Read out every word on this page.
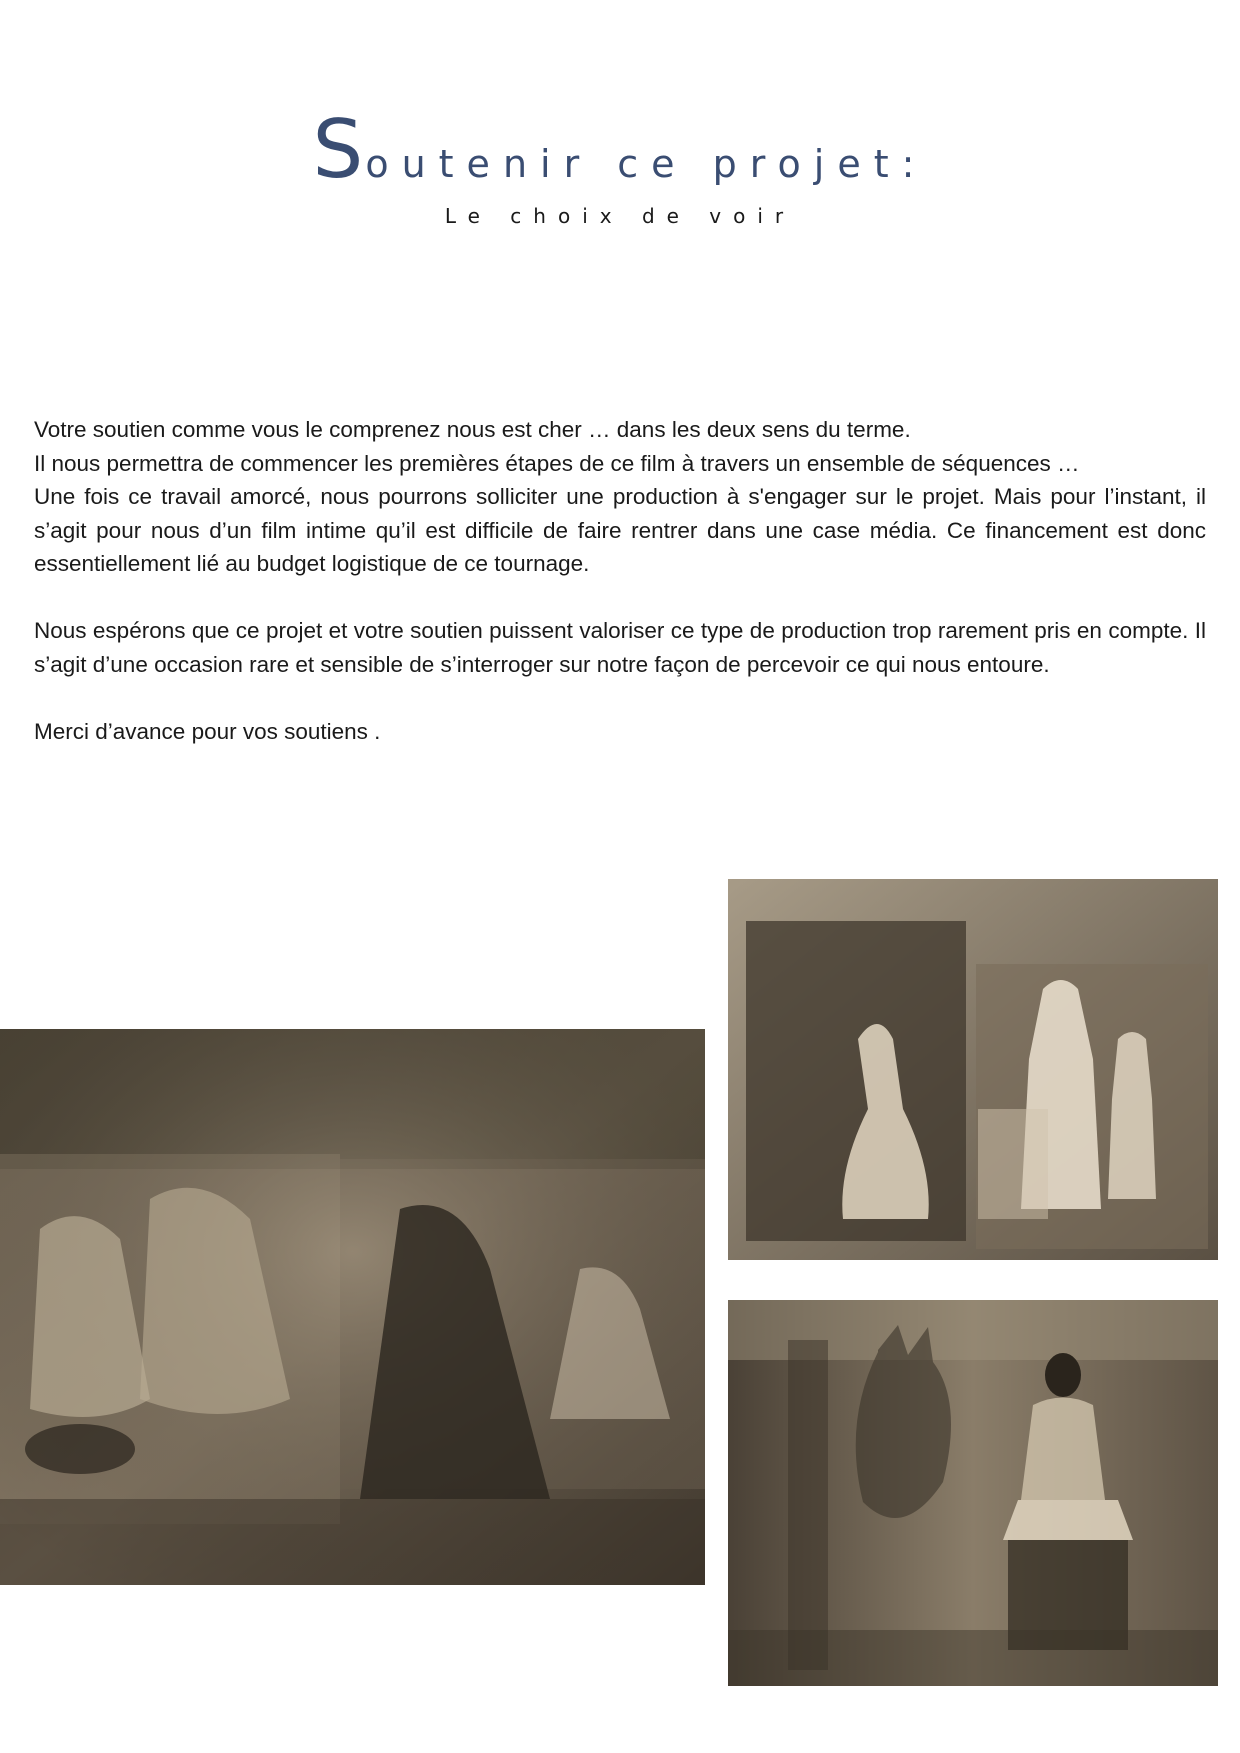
Soutenir ce projet:
Le choix de voir

Votre soutien comme vous le comprenez nous est cher … dans les deux sens du terme.
Il nous permettra de commencer les premières étapes de ce film à travers un ensemble de séquences …
Une fois ce travail amorcé, nous pourrons solliciter une production à s'engager sur le projet. Mais pour l’instant, il s’agit pour nous d’un film intime qu’il est difficile de faire rentrer dans une case média. Ce financement est donc essentiellement lié au budget logistique de ce tournage.

Nous espérons que ce projet et votre soutien puissent valoriser ce type de production trop rarement pris en compte. Il s’agit d’une occasion rare et sensible de s’interroger sur notre façon de percevoir ce qui nous entoure.

Merci d’avance pour vos soutiens .
